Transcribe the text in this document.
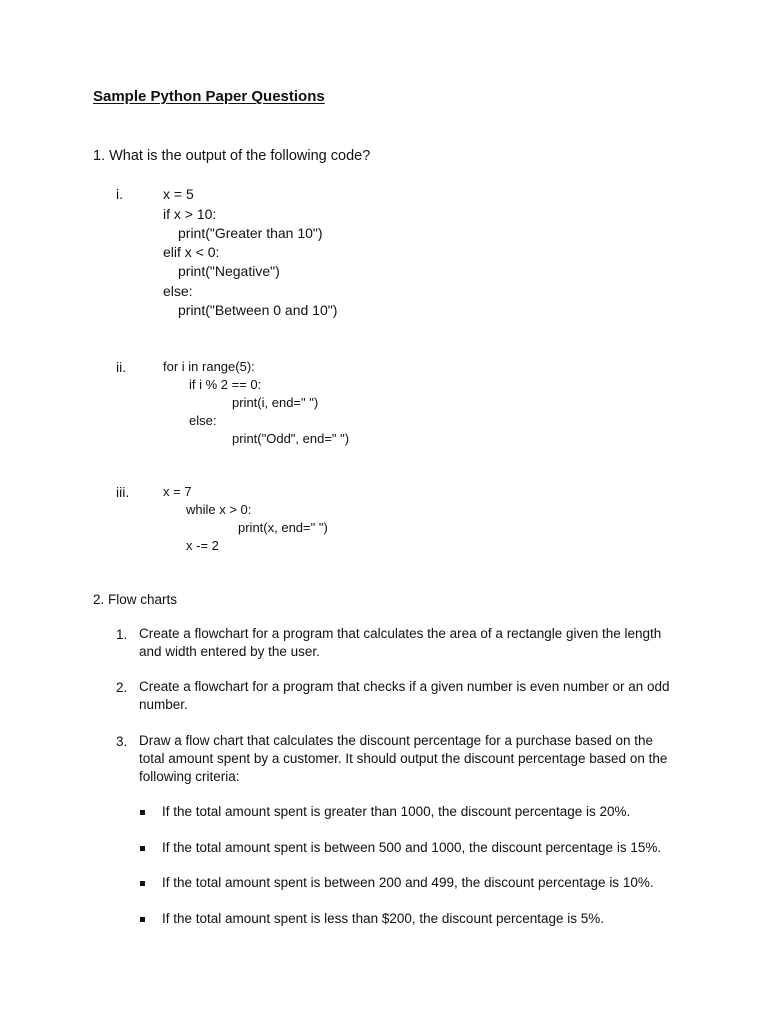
Sample Python Paper Questions
1. What is the output of the following code?
i.	x = 5
if x > 10:
print("Greater than 10")
elif x < 0:
print("Negative")
else:
print("Between 0 and 10")
ii.	for i in range(5):
if i % 2 == 0:
print(i, end=" ")
else:
print("Odd", end=" ")
iii.	x = 7
while x > 0:
print(x, end=" ")
x -= 2
2. Flow charts
1. Create a flowchart for a program that calculates the area of a rectangle given the length and width entered by the user.
2. Create a flowchart for a program that checks if a given number is even number or an odd number.
3. Draw a flow chart that calculates the discount percentage for a purchase based on the total amount spent by a customer. It should output the discount percentage based on the following criteria:
If the total amount spent is greater than 1000, the discount percentage is 20%.
If the total amount spent is between 500 and 1000, the discount percentage is 15%.
If the total amount spent is between 200 and 499, the discount percentage is 10%.
If the total amount spent is less than $200, the discount percentage is 5%.
